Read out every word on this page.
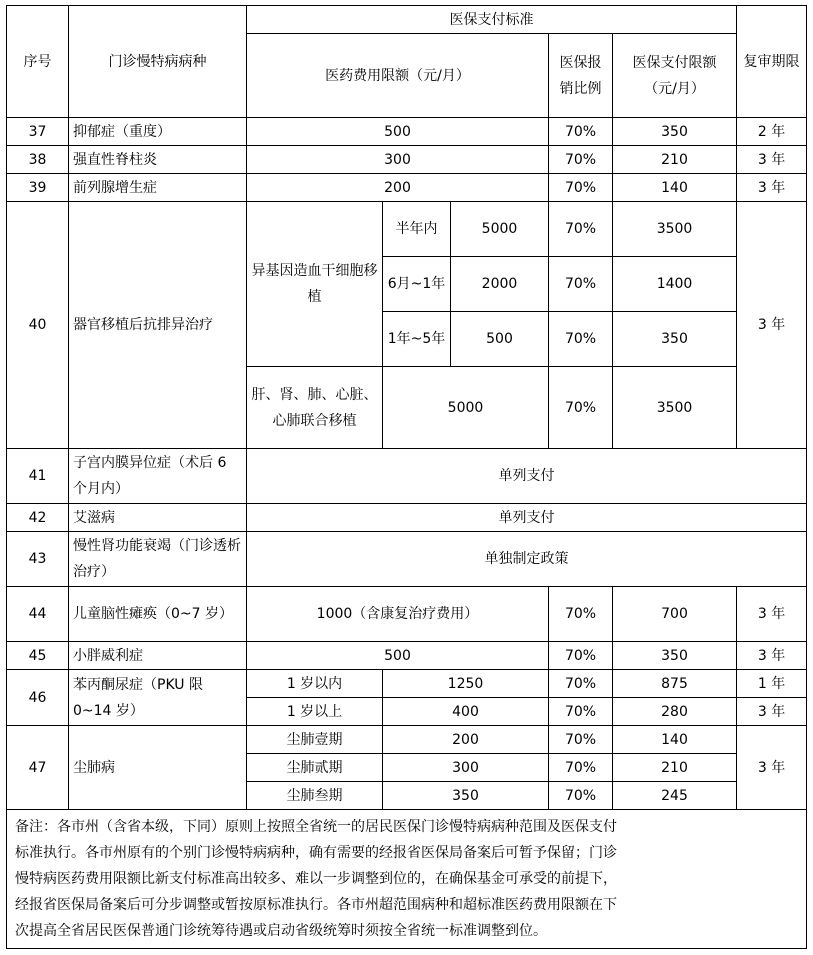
序号	门诊慢特病病种	医保支付标准					复审期限
		医药费用限额（元/月）			医保报销比例	医保支付限额（元/月）	
37	抑郁症（重度）	500			70%	350	2 年
38	强直性脊柱炎	300			70%	210	3 年
39	前列腺增生症	200			70%	140	3 年
40	器官移植后抗排异治疗	异基因造血干细胞移植	半年内	5000	70%	3500	3 年
			6月~1年	2000	70%	1400	
			1年~5年	500	70%	350	
		肝、肾、肺、心脏、心肺联合移植	5000		70%	3500	
41	子宫内膜异位症（术后 6 个月内）	单列支付					
42	艾滋病	单列支付					
43	慢性肾功能衰竭（门诊透析治疗）	单独制定政策					
44	儿童脑性瘫痪（0~7 岁）	1000（含康复治疗费用）			70%	700	3 年
45	小胖威利症	500			70%	350	3 年
46	苯丙酮尿症（PKU 限 0~14 岁）	1 岁以内	1250		70%	875	1 年
		1 岁以上	400		70%	280	3 年
47	尘肺病	尘肺壹期	200		70%	140	3 年
		尘肺贰期	300		70%	210	
		尘肺叁期	350		70%	245	

备注：各市州（含省本级，下同）原则上按照全省统一的居民医保门诊慢特病病种范围及医保支付
标准执行。各市州原有的个别门诊慢特病病种，确有需要的经报省医保局备案后可暂予保留；门诊
慢特病医药费用限额比新支付标准高出较多、难以一步调整到位的，在确保基金可承受的前提下，
经报省医保局备案后可分步调整或暂按原标准执行。各市州超范围病种和超标准医药费用限额在下
次提高全省居民医保普通门诊统筹待遇或启动省级统筹时须按全省统一标准调整到位。							
